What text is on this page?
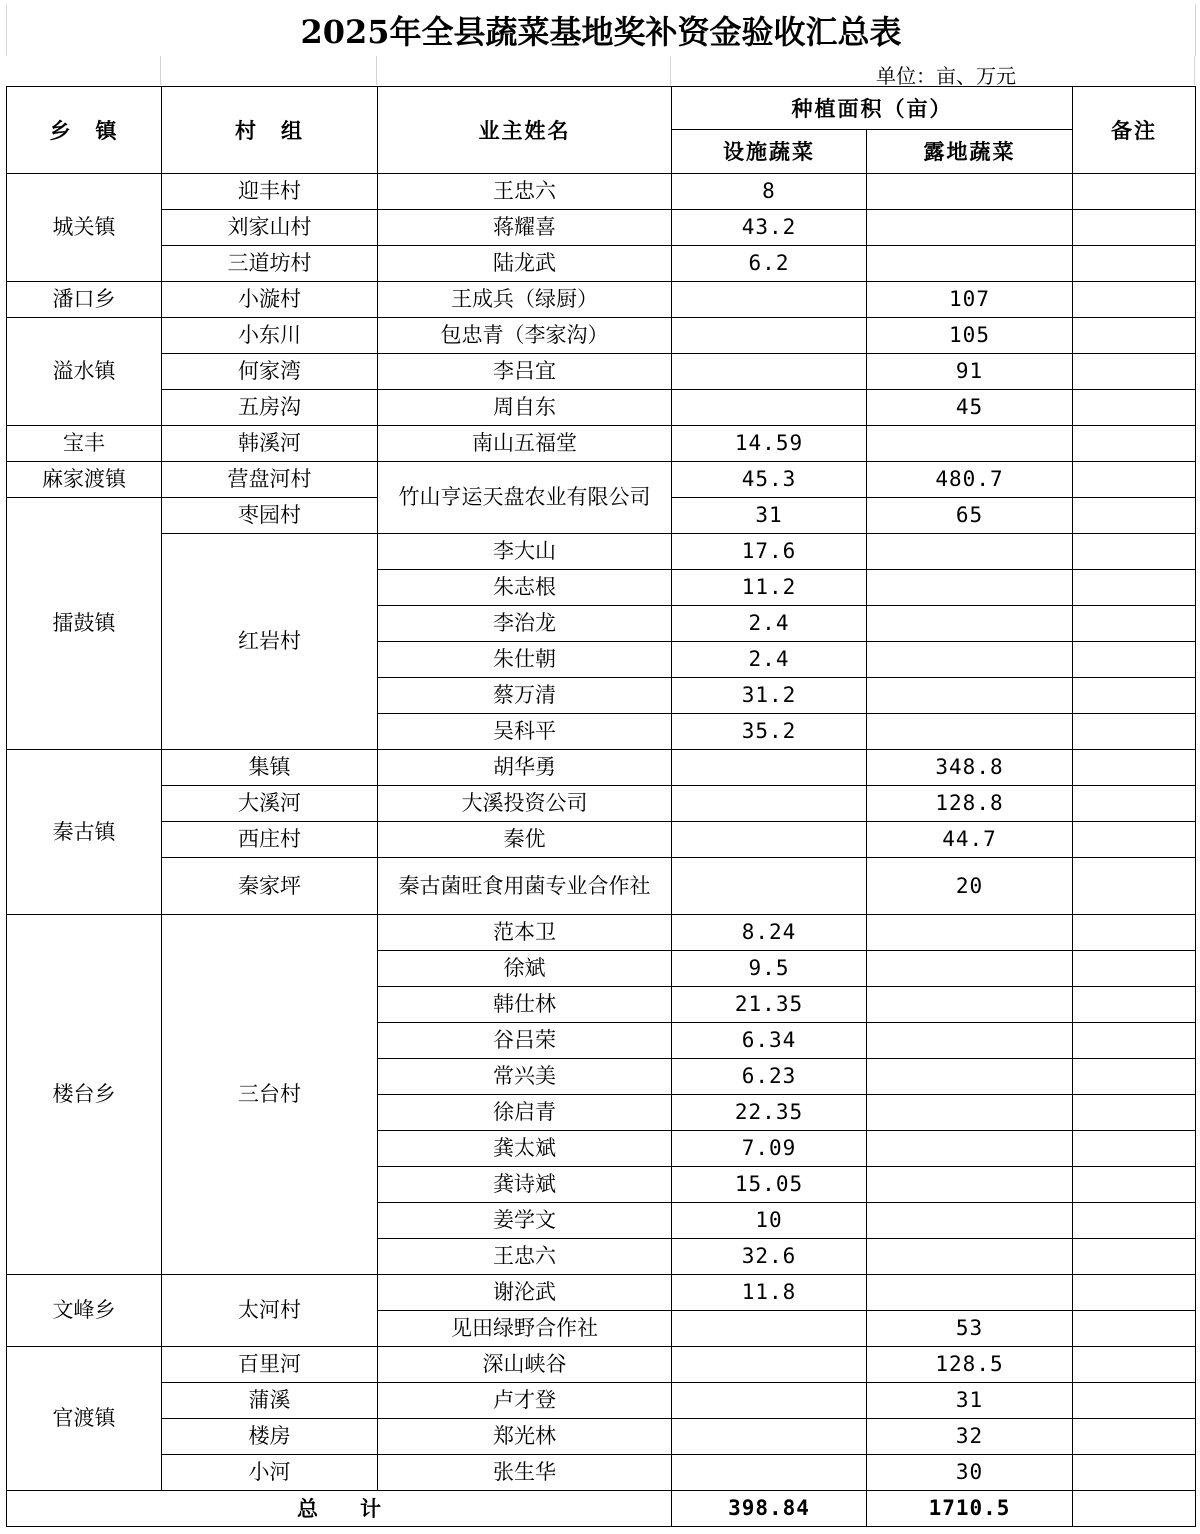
2025年全县蔬菜基地奖补资金验收汇总表
单位：亩、万元
乡　镇	村　组	业主姓名	种植面积（亩）		备注
			设施蔬菜	露地蔬菜	
城关镇	迎丰村	王忠六	8		
	刘家山村	蒋耀喜	43.2		
	三道坊村	陆龙武	6.2		
潘口乡	小漩村	王成兵（绿厨）		107	
溢水镇	小东川	包忠青（李家沟）		105	
	何家湾	李吕宜		91	
	五房沟	周自东		45	
宝丰	韩溪河	南山五福堂	14.59		
麻家渡镇	营盘河村	竹山亨运天盘农业有限公司	45.3	480.7	
擂鼓镇	枣园村		31	65	
	红岩村	李大山	17.6		
		朱志根	11.2		
		李治龙	2.4		
		朱仕朝	2.4		
		蔡万清	31.2		
		吴科平	35.2		
秦古镇	集镇	胡华勇		348.8	
	大溪河	大溪投资公司		128.8	
	西庄村	秦优		44.7	
	秦家坪	秦古菌旺食用菌专业合作社		20	
楼台乡	三台村	范本卫	8.24		
		徐斌	9.5		
		韩仕林	21.35		
		谷吕荣	6.34		
		常兴美	6.23		
		徐启青	22.35		
		龚太斌	7.09		
		龚诗斌	15.05		
		姜学文	10		
		王忠六	32.6		
文峰乡	太河村	谢沦武	11.8		
		见田绿野合作社		53	
官渡镇	百里河	深山峡谷		128.5	
	蒲溪	卢才登		31	
	楼房	郑光林		32	
	小河	张生华		30	
总　　计			398.84	1710.5	
